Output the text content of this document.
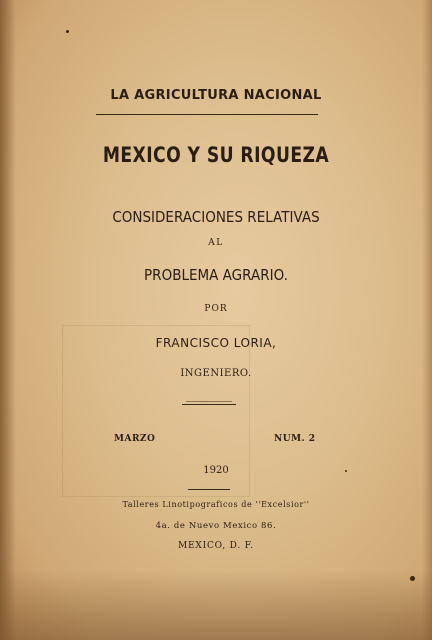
LA AGRICULTURA NACIONAL
MEXICO Y SU RIQUEZA
CONSIDERACIONES RELATIVAS
AL
PROBLEMA AGRARIO.
POR
FRANCISCO LORIA,
INGENIERO.
MARZO	NUM. 2
1920
Talleres Linotipograficos de ''Excelsior''
4a. de Nuevo Mexico 86.
MEXICO, D. F.
